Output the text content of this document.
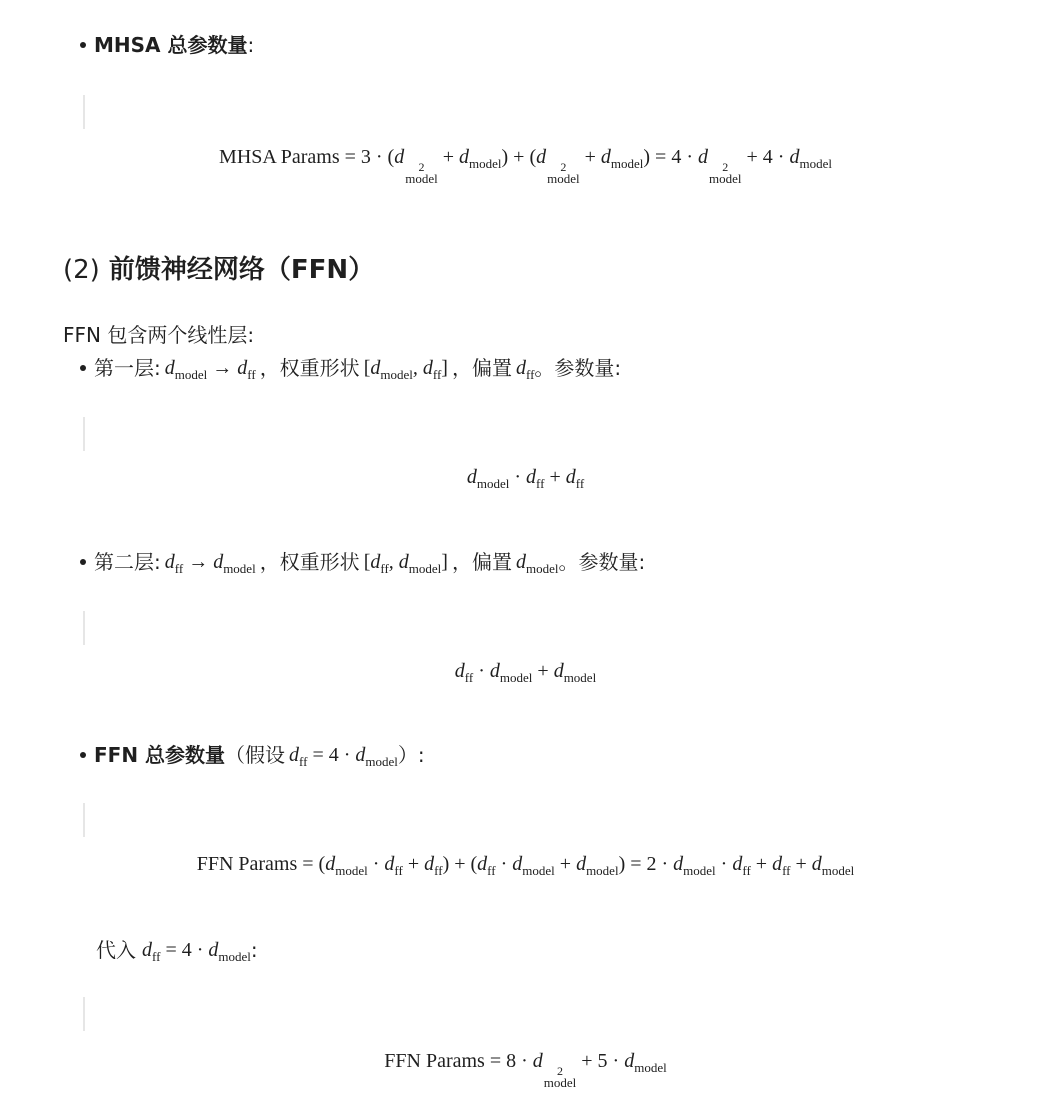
MHSA 总参数量 :
MHSA Params = 3 · (d	2
model
+ $d_{model}) + (d$	2
model
+ $d_{model}) = 4 \cdot d$	2
model
+ $4 \cdot d_{model}$
(2) 前馈神经网络（FFN）
FFN 包含两个线性层:
第一层: $d_{model} \to d_{ff}$ ，权重形状 [$d_{model}$, $d_{ff}$] ，偏置 $d_{ff}$ 。参数量:
$d_{model} \cdot d_{ff} + d_{ff}$
第二层: $d_{ff} \to d_{model}$ ，权重形状 [$d_{ff}$, $d_{model}$] ，偏置 $d_{model}$ 。参数量:
$d_{ff} \cdot d_{model} + d_{model}$
FFN 总参数量 （假设 $d_{ff} = 4 \cdot d_{model}$ ）:
FFN Params = $(d_{model} \cdot d_{ff} + d_{ff}) + (d_{ff} \cdot d_{model} + d_{model}) = 2 \cdot d_{model} \cdot d_{ff} + d_{ff} + d_{model}$
代入 $d_{ff} = 4 \cdot d_{model}$ :
FFN Params = 8 · d	2
model
+ $5 \cdot d_{model}$
